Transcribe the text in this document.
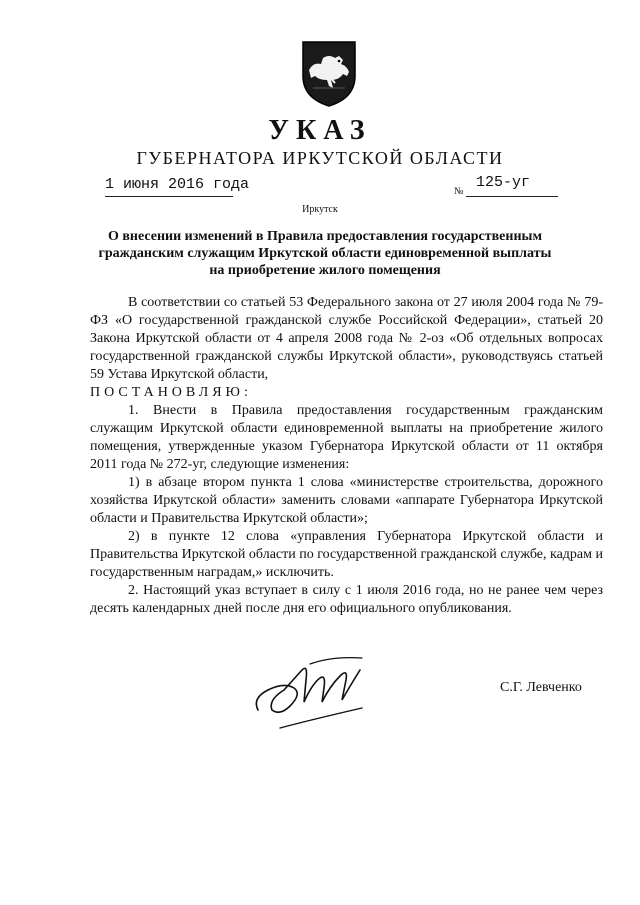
УКАЗ
ГУБЕРНАТОРА ИРКУТСКОЙ ОБЛАСТИ
1 июня 2016 года	№
125-уг
Иркутск
О внесении изменений в Правила предоставления государственным гражданским служащим Иркутской области единовременной выплаты на приобретение жилого помещения

В соответствии со статьей 53 Федерального закона от 27 июля 2004 года № 79-ФЗ «О государственной гражданской службе Российской Федерации», статьей 20 Закона Иркутской области от 4 апреля 2008 года № 2-оз «Об отдельных вопросах государственной гражданской службы Иркутской области», руководствуясь статьей 59 Устава Иркутской области,

ПОСТАНОВЛЯЮ:

1. Внести в Правила предоставления государственным гражданским служащим Иркутской области единовременной выплаты на приобретение жилого помещения, утвержденные указом Губернатора Иркутской области от 11 октября 2011 года № 272-уг, следующие изменения:

1) в абзаце втором пункта 1 слова «министерстве строительства, дорожного хозяйства Иркутской области» заменить словами «аппарате Губернатора Иркутской области и Правительства Иркутской области»;

2) в пункте 12 слова «управления Губернатора Иркутской области и Правительства Иркутской области по государственной гражданской службе, кадрам и государственным наградам,» исключить.

2. Настоящий указ вступает в силу с 1 июля 2016 года, но не ранее чем через десять календарных дней после дня его официального опубликования.

С.Г. Левченко
